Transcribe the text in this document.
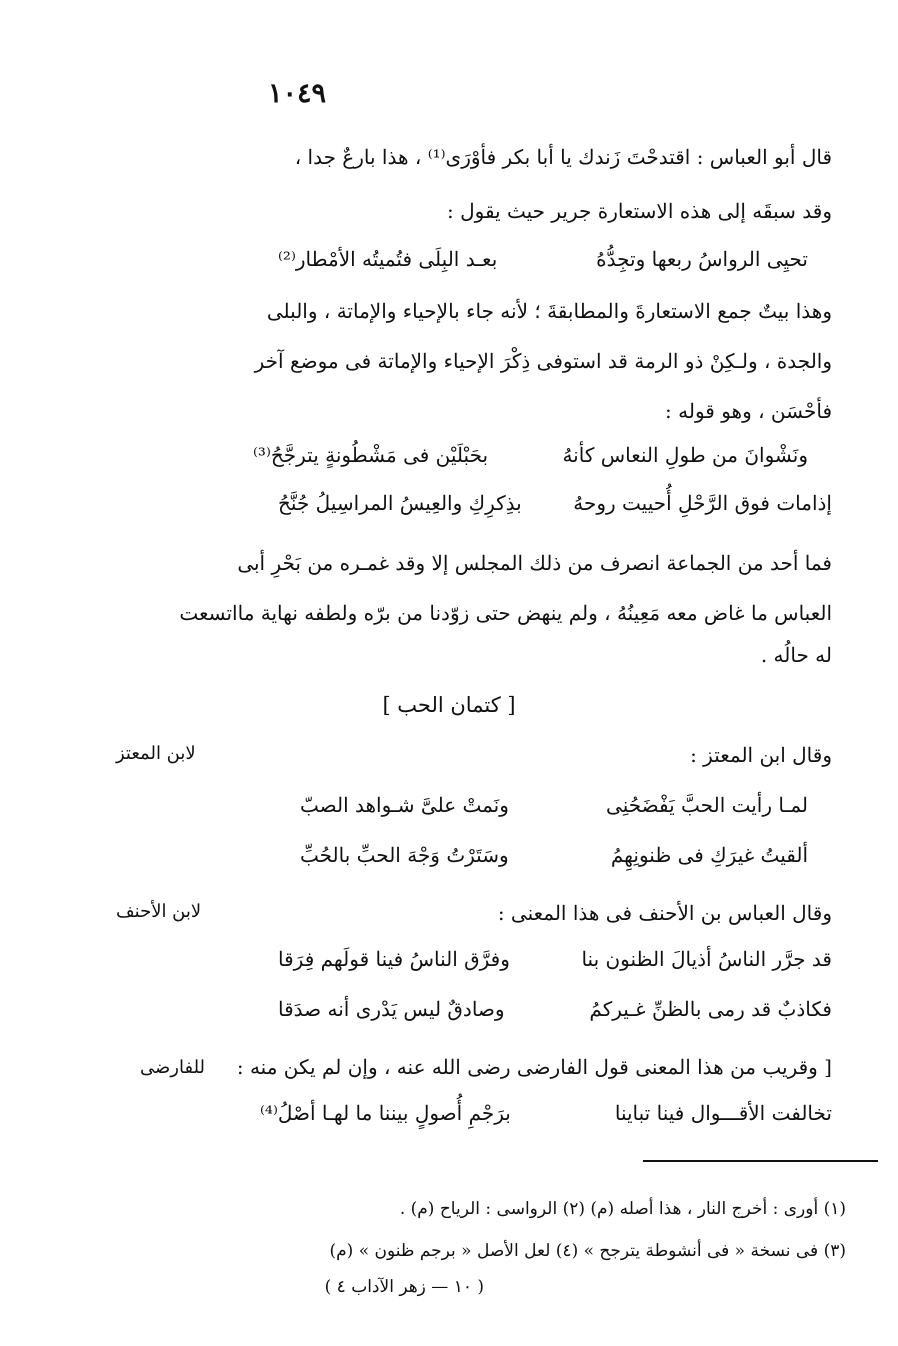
١٠٤٩
قال أبو العباس : اقتدحْتَ زَندك يا أبا بكر فأوْرَى⁽¹⁾ ، هذا بارعٌ جدا ،
وقد سبقَه إلى هذه الاستعارة جرير حيث يقول :
تحيِى الرواسُ ربعها وتجِدُّهُ
بعـد البِلَى فتُميتُه الأمْطار⁽²⁾
وهذا بيتٌ جمع الاستعارةَ والمطابقةَ ؛ لأنه جاء بالإحياء والإماتة ، والبلى
والجدة ، ولـكِنْ ذو الرمة قد استوفى ذِكْرَ الإحياء والإماتة فى موضع آخر
فأحْسَن ، وهو قوله :
ونَشْوانَ من طولِ النعاس كأنهُ
بحَبْلَيْن فى مَشْطُونةٍ يترجَّحُ⁽³⁾
إذامات فوق الرَّحْلِ أُحييت روحهُ
بذِكرِكِ والعِيسُ المراسِيلُ جُنَّحُ
فما أحد من الجماعة انصرف من ذلك المجلس إلا وقد غمـره من بَحْرِ أبى
العباس ما غاض معه مَعِينُهُ ، ولم ينهض حتى زوّدنا من برّه ولطفه نهاية مااتسعت
له حالُه .
[ كتمان الحب ]
لابن المعتز	وقال ابن المعتز :
لمـا رأيت الحبَّ يَفْضَحُنِى
ونَمتْ علىَّ شـواهد الصبّ
ألقيتُ غيرَكِ فى ظنونِهِمُ
وسَتَرْتُ وَجْهَ الحبِّ بالحُبِّ
لابن الأحنف	وقال العباس بن الأحنف فى هذا المعنى :
قد جرَّر الناسُ أذيالَ الظنون بنا
وفرَّق الناسُ فينا قولَهم فِرَقا
فكاذبٌ قد رمى بالظنِّ غـيركمُ
وصادقٌ ليس يَدْرى أنه صدَقا
للفارضى [ وقريب من هذا المعنى قول الفارضى رضى الله عنه ، وإن لم يكن منه :
تخالفت الأقـــوال فينا تباينا
برَجْمِ أُصولٍ بيننا ما لهـا أصْلُ⁽⁴⁾
(١) أورى : أخرج النار ، هذا أصله (م) (٢) الرواسى : الرياح (م) .
(٣) فى نسخة « فى أنشوطة يترجح » (٤) لعل الأصل « برجم ظنون » (م)
( ١٠ — زهر الآداب ٤ )
